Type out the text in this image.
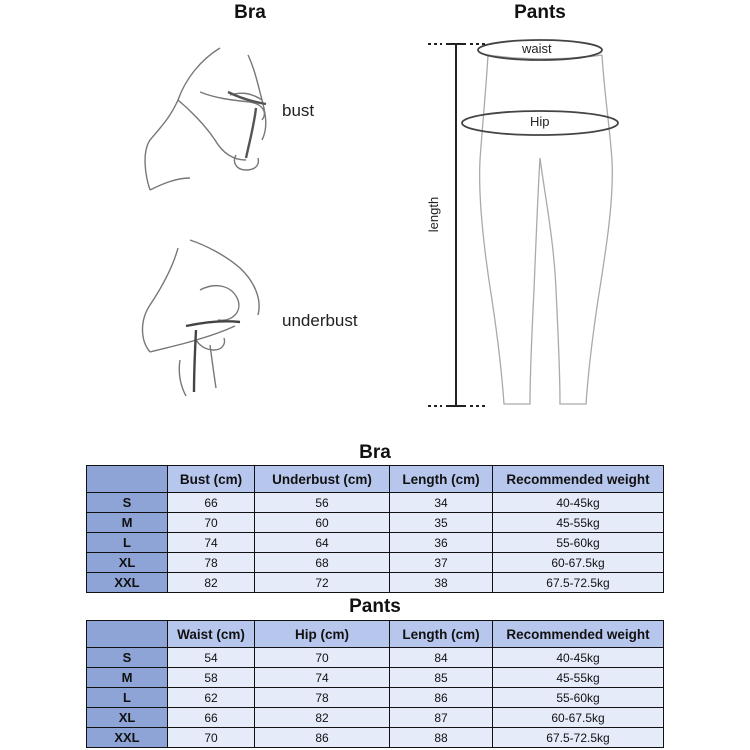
Bra	Pants
bust
underbust
waist
Hip
length
Bra
	Bust (cm)	Underbust (cm)	Length (cm)	Recommended weight
S	66	56	34	40-45kg
M	70	60	35	45-55kg
L	74	64	36	55-60kg
XL	78	68	37	60-67.5kg
XXL	82	72	38	67.5-72.5kg
Pants
	Waist (cm)	Hip (cm)	Length (cm)	Recommended weight
S	54	70	84	40-45kg
M	58	74	85	45-55kg
L	62	78	86	55-60kg
XL	66	82	87	60-67.5kg
XXL	70	86	88	67.5-72.5kg
